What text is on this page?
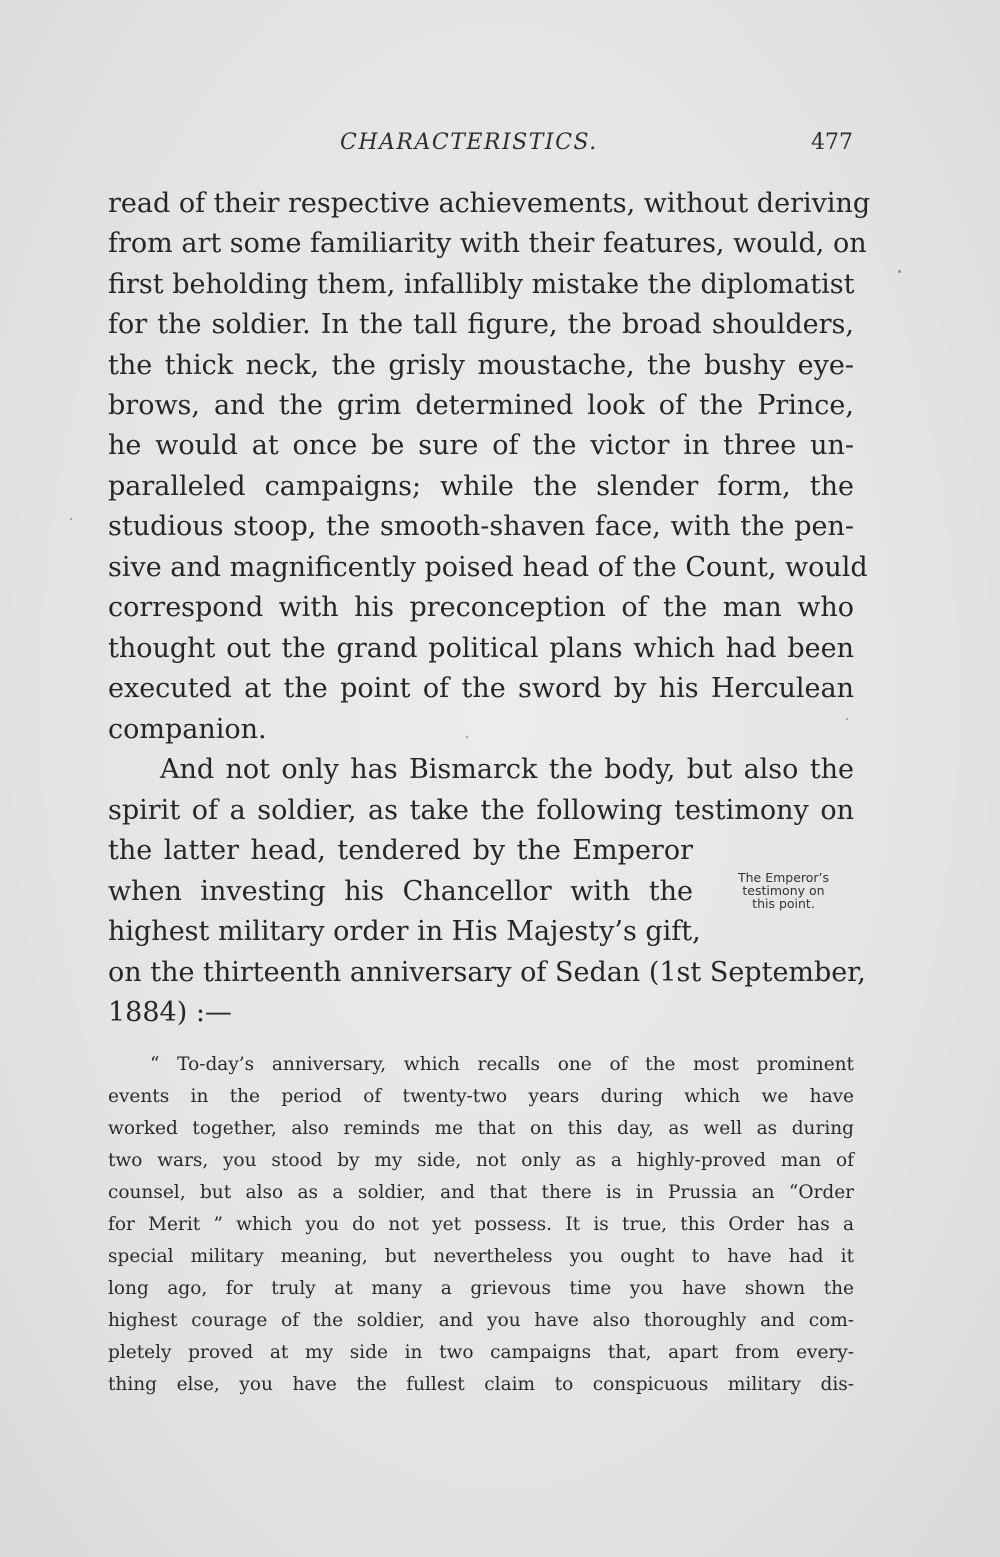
CHARACTERISTICS.	477
read of their respective achievements, without deriving
from art some familiarity with their features, would, on
first beholding them, infallibly mistake the diplomatist
for the soldier. In the tall figure, the broad shoulders,
the thick neck, the grisly moustache, the bushy eye-
brows, and the grim determined look of the Prince,
he would at once be sure of the victor in three un-
paralleled campaigns; while the slender form, the
studious stoop, the smooth-shaven face, with the pen-
sive and magnificently poised head of the Count, would
correspond with his preconception of the man who
thought out the grand political plans which had been
executed at the point of the sword by his Herculean
companion.
And not only has Bismarck the body, but also the
spirit of a soldier, as take the following testimony on
the latter head, tendered by the Emperor
when investing his Chancellor with the
highest military order in His Majesty’s gift,
on the thirteenth anniversary of Sedan (1st September,
1884) :—
The Emperor’s
testimony on
this point.
“ To-day’s anniversary, which recalls one of the most prominent
events in the period of twenty-two years during which we have
worked together, also reminds me that on this day, as well as during
two wars, you stood by my side, not only as a highly-proved man of
counsel, but also as a soldier, and that there is in Prussia an “Order
for Merit ” which you do not yet possess. It is true, this Order has a
special military meaning, but nevertheless you ought to have had it
long ago, for truly at many a grievous time you have shown the
highest courage of the soldier, and you have also thoroughly and com-
pletely proved at my side in two campaigns that, apart from every-
thing else, you have the fullest claim to conspicuous military dis-
